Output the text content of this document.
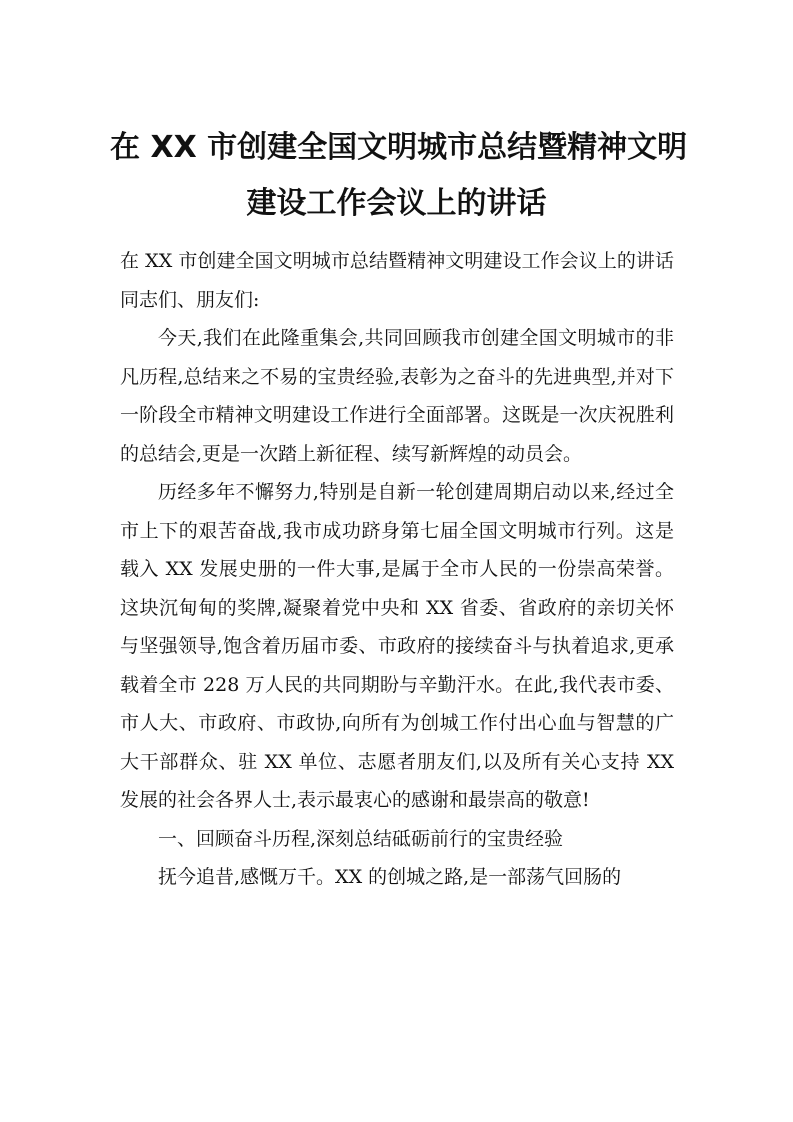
在 XX 市创建全国文明城市总结暨精神文明
建设工作会议上的讲话

在 XX 市创建全国文明城市总结暨精神文明建设工作会议上的讲话同志们、朋友们:

今天,我们在此隆重集会,共同回顾我市创建全国文明城市的非凡历程,总结来之不易的宝贵经验,表彰为之奋斗的先进典型,并对下一阶段全市精神文明建设工作进行全面部署。这既是一次庆祝胜利的总结会,更是一次踏上新征程、续写新辉煌的动员会。

历经多年不懈努力,特别是自新一轮创建周期启动以来,经过全市上下的艰苦奋战,我市成功跻身第七届全国文明城市行列。这是载入 XX 发展史册的一件大事,是属于全市人民的一份崇高荣誉。这块沉甸甸的奖牌,凝聚着党中央和 XX 省委、省政府的亲切关怀与坚强领导,饱含着历届市委、市政府的接续奋斗与执着追求,更承载着全市 228 万人民的共同期盼与辛勤汗水。在此,我代表市委、市人大、市政府、市政协,向所有为创城工作付出心血与智慧的广大干部群众、驻 XX 单位、志愿者朋友们,以及所有关心支持 XX 发展的社会各界人士,表示最衷心的感谢和最崇高的敬意!

一、回顾奋斗历程,深刻总结砥砺前行的宝贵经验

抚今追昔,感慨万千。XX 的创城之路,是一部荡气回肠的
